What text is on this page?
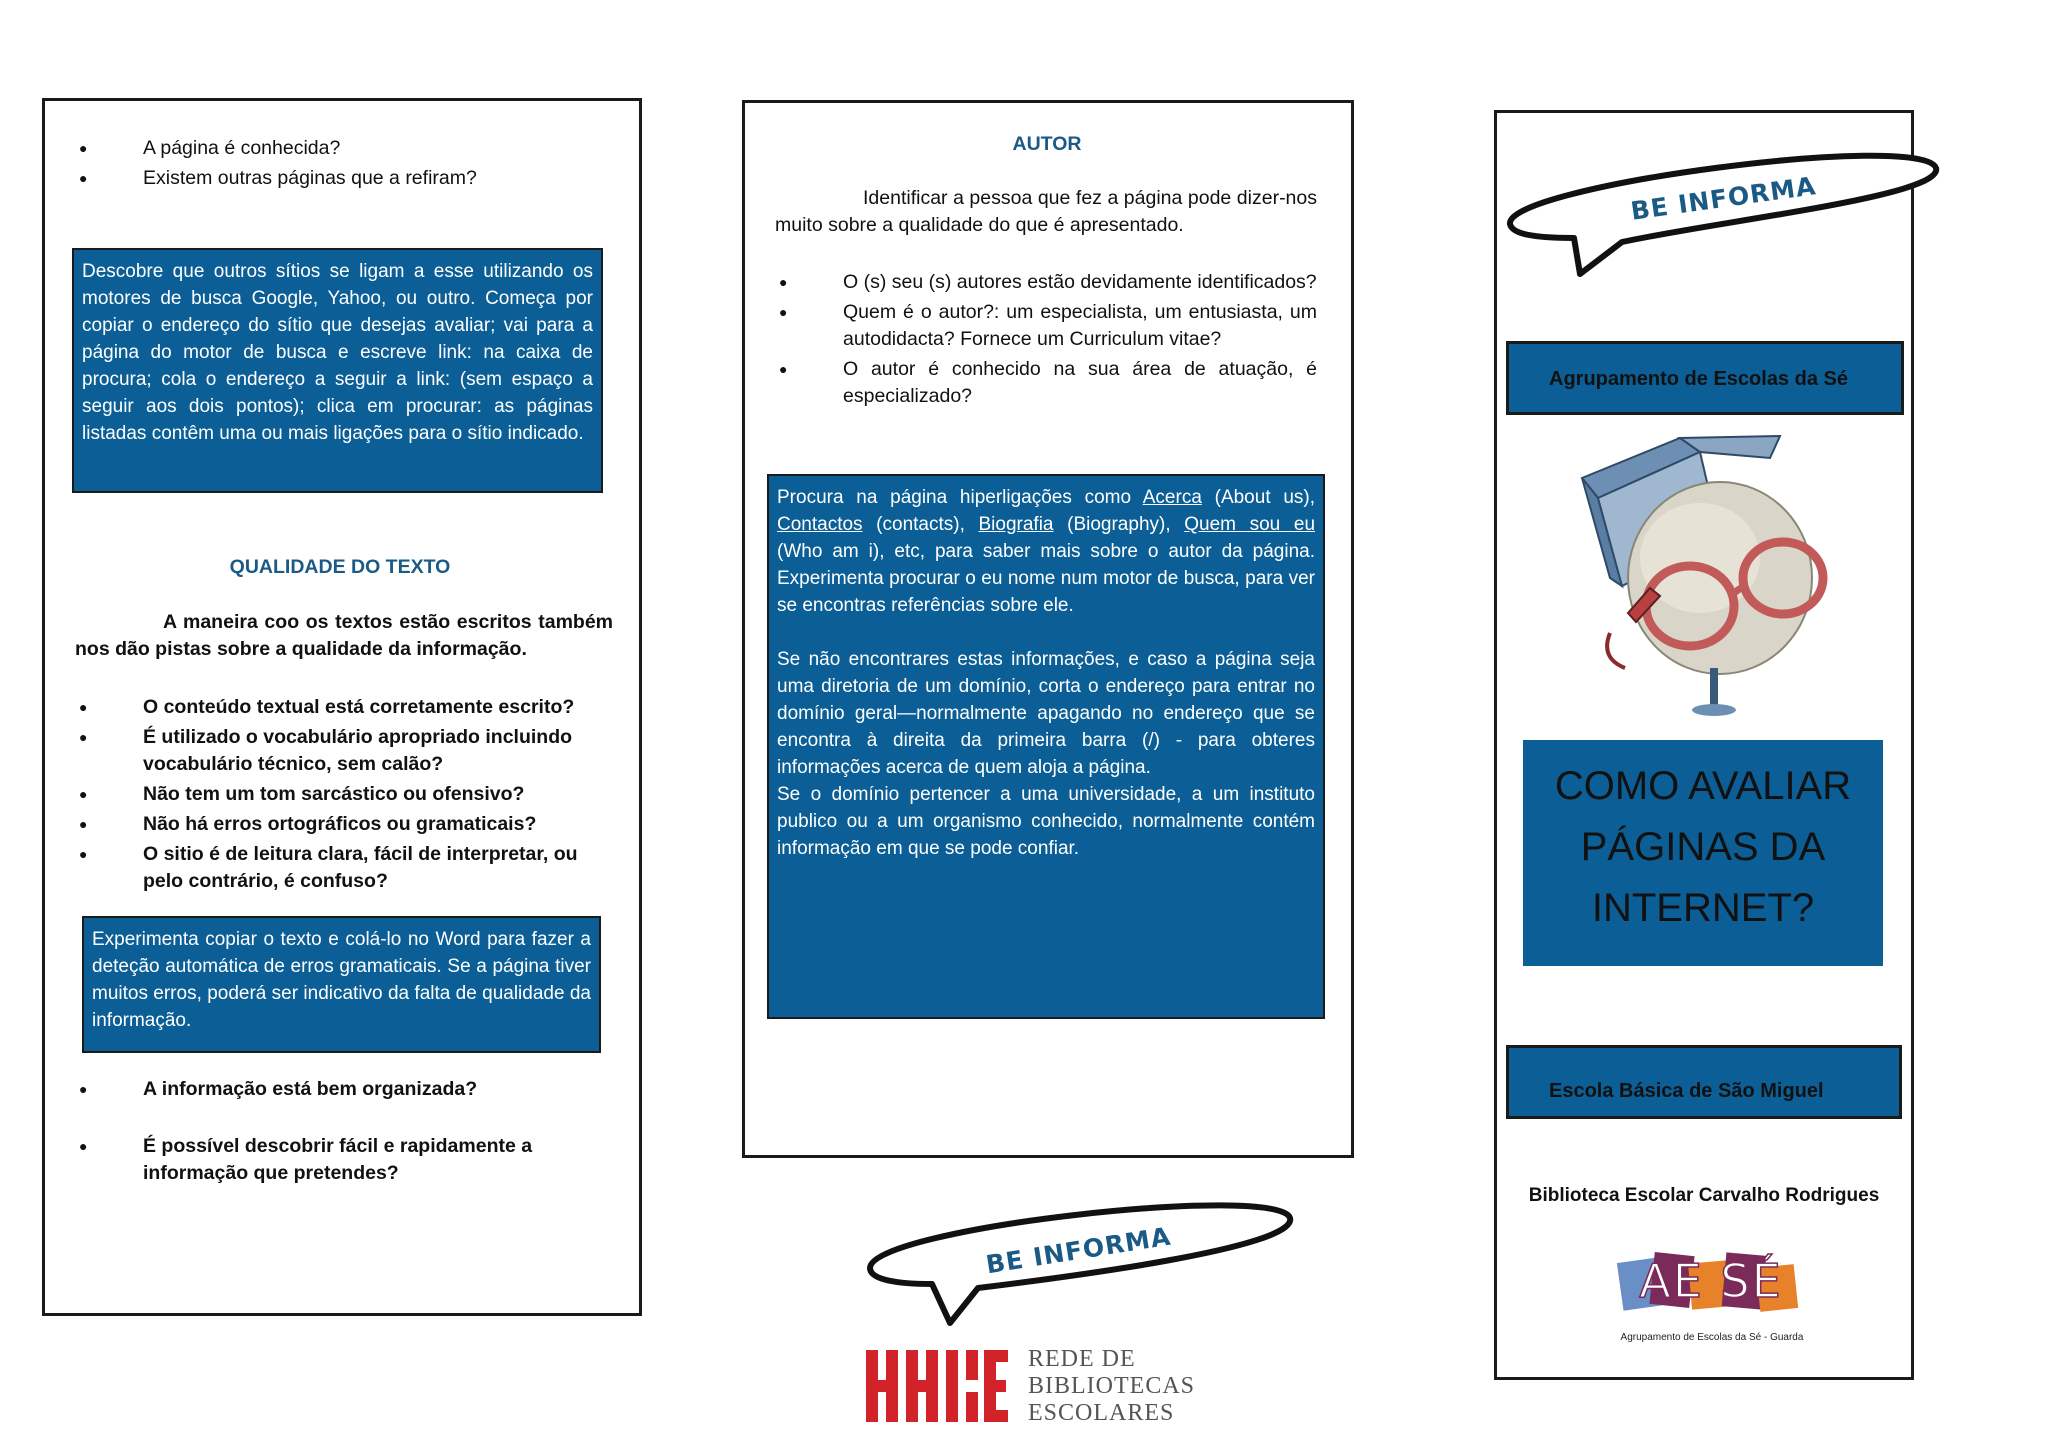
● A página é conhecida?
● Existem outras páginas que a refiram?
Descobre que outros sítios se ligam a esse utilizando os motores de busca Google, Yahoo, ou outro. Começa por copiar o endereço do sítio que desejas avaliar; vai para a página do motor de busca e escreve link: na caixa de procura; cola o endereço a seguir a link: (sem espaço a seguir aos dois pontos); clica em procurar: as páginas listadas contêm uma ou mais ligações para o sítio indicado.
QUALIDADE DO TEXTO
A maneira coo os textos estão escritos também nos dão pistas sobre a qualidade da informação.
● O conteúdo textual está corretamente escrito?
● É utilizado o vocabulário apropriado incluindo vocabulário técnico, sem calão?
● Não tem um tom sarcástico ou ofensivo?
● Não há erros ortográficos ou gramaticais?
● O sitio é de leitura clara, fácil de interpretar, ou pelo contrário, é confuso?
Experimenta copiar o texto e colá-lo no Word para fazer a deteção automática de erros gramaticais. Se a página tiver muitos erros, poderá ser indicativo da falta de qualidade da informação.
● A informação está bem organizada?
● É possível descobrir fácil e rapidamente a informação que pretendes?
AUTOR
Identificar a pessoa que fez a página pode dizer-nos muito sobre a qualidade do que é apresentado.
● O (s) seu (s) autores estão devidamente identificados?
● Quem é o autor?: um especialista, um entusiasta, um autodidacta? Fornece um Curriculum vitae?
● O autor é conhecido na sua área de atuação, é especializado?
Procura na página hiperligações como Acerca (About us), Contactos (contacts), Biografia (Biography), Quem sou eu (Who am i), etc, para saber mais sobre o autor da página. Experimenta procurar o eu nome num motor de busca, para ver se encontras referências sobre ele.
Se não encontrares estas informações, e caso a página seja uma diretoria de um domínio, corta o endereço para entrar no domínio geral—normalmente apagando no endereço que se encontra à direita da primeira barra (/) - para obteres informações acerca de quem aloja a página.
Se o domínio pertencer a uma universidade, a um instituto publico ou a um organismo conhecido, normalmente contém informação em que se pode confiar.
BE INFORMA
REDE DE
BIBLIOTECAS
ESCOLARES
BE INFORMA
Agrupamento de Escolas da Sé
COMO AVALIAR
PÁGINAS DA
INTERNET?
Escola Básica de São Miguel
Biblioteca Escolar Carvalho Rodrigues
AE SÉ
Agrupamento de Escolas da Sé - Guarda
